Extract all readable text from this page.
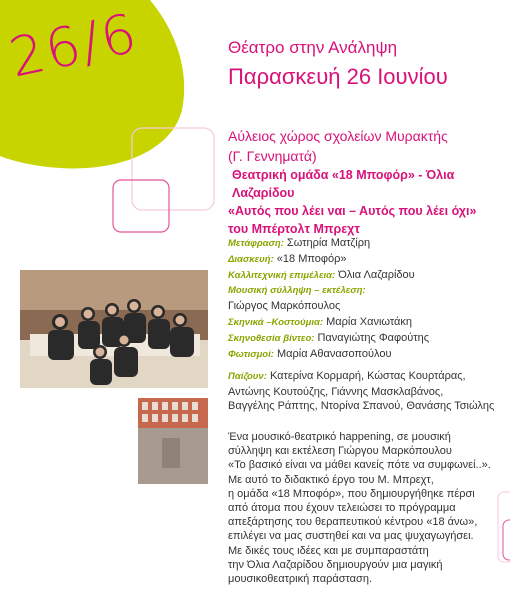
26/6	Θέατρο στην Ανάληψη
Παρασκευή 26 Ιουνίου
Αύλειος χώρος σχολείων Μυρακτής
(Γ. Γεννηματά)
Θεατρική ομάδα «18 Μποφόρ» - Όλια Λαζαρίδου
«Αυτός που λέει ναι – Αυτός που λέει όχι»
του Μπέρτολτ Μπρεχτ
Μετάφραση: Σωτηρία Ματζίρη
Διασκευή: «18 Μποφόρ»
Καλλιτεχνική επιμέλεια: Όλια Λαζαρίδου
Μουσική σύλληψη – εκτέλεση:
Γιώργος Μαρκόπουλος
Σκηνικά –Κοστούμια: Μαρία Χανιωτάκη
Σκηνοθεσία βίντεο: Παναγιώτης Φαφούτης
Φωτισμοί: Μαρία Αθανασοπούλου
Παίζουν: Κατερίνα Κορμαρή, Κώστας Κουρτάρας,
Αντώνης Κουτούζης, Γιάννης Μασκλαβάνος,
Βαγγέλης Ράπτης, Ντορίνα Σπανού, Θανάσης Τσιώλης
Ένα μουσικό-θεατρικό happening, σε μουσική
σύλληψη και εκτέλεση Γιώργου Μαρκόπουλου
«Το βασικό είναι να μάθει κανείς πότε να συμφωνεί..».
Με αυτό το διδακτικό έργο του Μ. Μπρεχτ,
η ομάδα «18 Μποφόρ», που δημιουργήθηκε πέρσι
από άτομα που έχουν τελειώσει το πρόγραμμα
απεξάρτησης του θεραπευτικού κέντρου «18 άνω»,
επιλέγει να μας συστηθεί και να μας ψυχαγωγήσει.
Με δικές τους ιδέες και με συμπαραστάτη
την Όλια Λαζαρίδου δημιουργούν μια μαγική
μουσικοθεατρική παράσταση.
